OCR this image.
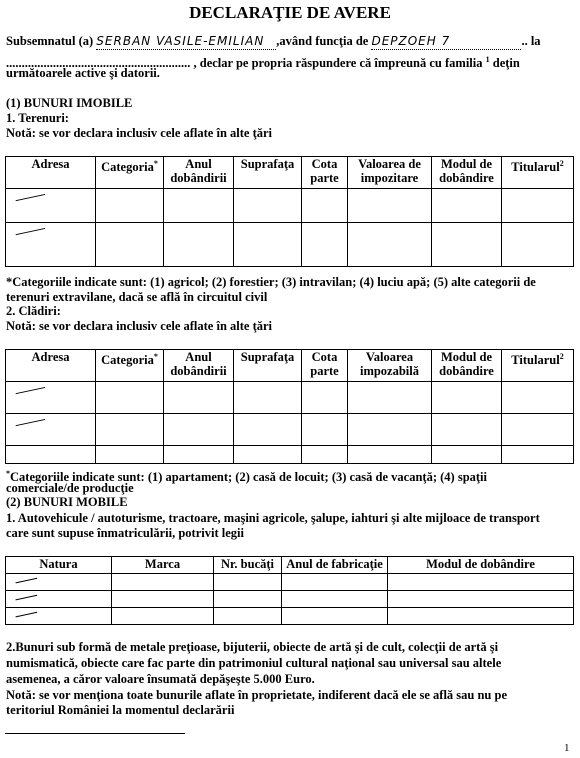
DECLARAŢIE DE AVERE
Subsemnatul (a) SERBAN VASILE-EMILIAN ,având funcţia de DEPZOEH 7	.. la
........................................................... , declar pe propria răspundere că împreună cu familia $^1$ deţin
următoarele active şi datorii.
(1) BUNURI IMOBILE
1. Terenuri:
Notă: se vor declara inclusiv cele aflate în alte ţări
Adresa	Categoria*	Anul dobândirii	Suprafaţa	Cota parte	Valoarea de impozitare	Modul de dobândire	Titularul$^2$

*Categoriile indicate sunt: (1) agricol; (2) forestier; (3) intravilan; (4) luciu apă; (5) alte categorii de
terenuri extravilane, dacă se află în circuitul civil
2. Clădiri:
Notă: se vor declara inclusiv cele aflate în alte ţări
Adresa	Categoria*	Anul dobândirii	Suprafaţa	Cota parte	Valoarea impozabilă	Modul de dobândire	Titularul$^2$

*Categoriile indicate sunt: (1) apartament; (2) casă de locuit; (3) casă de vacanţă; (4) spaţii
comerciale/de producţie
(2) BUNURI MOBILE
1. Autovehicule / autoturisme, tractoare, maşini agricole, şalupe, iahturi şi alte mijloace de transport
care sunt supuse înmatriculării, potrivit legii
Natura	Marca	Nr. bucăţi	Anul de fabricaţie	Modul de dobândire

2.Bunuri sub formă de metale preţioase, bijuterii, obiecte de artă şi de cult, colecţii de artă şi
numismatică, obiecte care fac parte din patrimoniul cultural naţional sau universal sau altele
asemenea, a căror valoare însumată depăşeşte 5.000 Euro.
Notă: se vor menţiona toate bunurile aflate în proprietate, indiferent dacă ele se află sau nu pe
teritoriul României la momentul declarării
1
